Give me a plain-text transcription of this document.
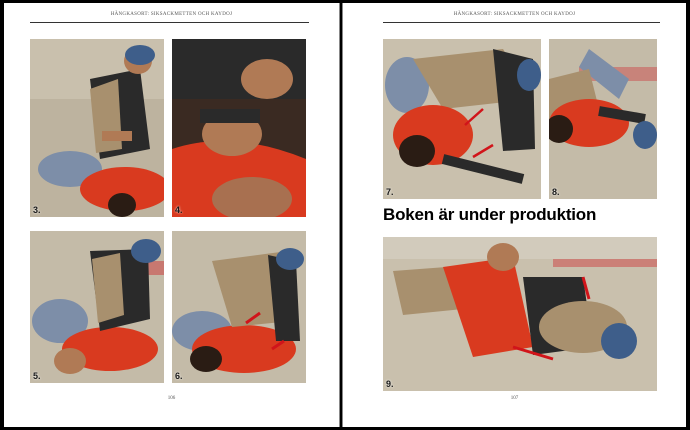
HÄNGKASORT: SIKSACKMETTEN OCH KAYDOJ
3.	4.
5.	6.
106
HÄNGKASORT: SIKSACKMETTEN OCH KAYDOJ
7.	8.
Boken är under produktion
9.
107
